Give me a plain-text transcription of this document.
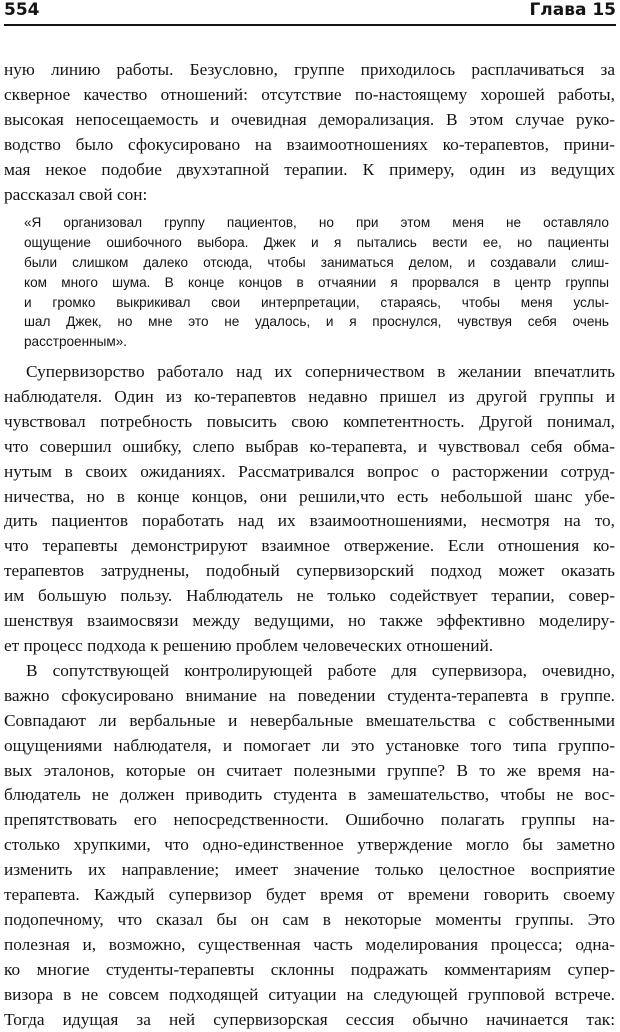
554	Глава 15

ную линию работы. Безусловно, группе приходилось расплачиваться за
скверное качество отношений: отсутствие по-настоящему хорошей работы,
высокая непосещаемость и очевидная деморализация. В этом случае руко-
водство было сфокусировано на взаимоотношениях ко-терапевтов, прини-
мая некое подобие двухэтапной терапии. К примеру, один из ведущих
рассказал свой сон:

«Я организовал группу пациентов, но при этом меня не оставляло
ощущение ошибочного выбора. Джек и я пытались вести ее, но пациенты
были слишком далеко отсюда, чтобы заниматься делом, и создавали слиш-
ком много шума. В конце концов в отчаянии я прорвался в центр группы
и громко выкрикивал свои интерпретации, стараясь, чтобы меня услы-
шал Джек, но мне это не удалось, и я проснулся, чувствуя себя очень
расстроенным».

Супервизорство работало над их соперничеством в желании впечатлить
наблюдателя. Один из ко-терапевтов недавно пришел из другой группы и
чувствовал потребность повысить свою компетентность. Другой понимал,
что совершил ошибку, слепо выбрав ко-терапевта, и чувствовал себя обма-
нутым в своих ожиданиях. Рассматривался вопрос о расторжении сотруд-
ничества, но в конце концов, они решили,что есть небольшой шанс убе-
дить пациентов поработать над их взаимоотношениями, несмотря на то,
что терапевты демонстрируют взаимное отвержение. Если отношения ко-
терапевтов затруднены, подобный супервизорский подход может оказать
им большую пользу. Наблюдатель не только содействует терапии, совер-
шенствуя взаимосвязи между ведущими, но также эффективно моделиру-
ет процесс подхода к решению проблем человеческих отношений.

В сопутствующей контролирующей работе для супервизора, очевидно,
важно сфокусировано внимание на поведении студента-терапевта в группе.
Совпадают ли вербальные и невербальные вмешательства с собственными
ощущениями наблюдателя, и помогает ли это установке того типа группо-
вых эталонов, которые он считает полезными группе? В то же время на-
блюдатель не должен приводить студента в замешательство, чтобы не вос-
препятствовать его непосредственности. Ошибочно полагать группы на-
столько хрупкими, что одно-единственное утверждение могло бы заметно
изменить их направление; имеет значение только целостное восприятие
терапевта. Каждый супервизор будет время от времени говорить своему
подопечному, что сказал бы он сам в некоторые моменты группы. Это
полезная и, возможно, существенная часть моделирования процесса; одна-
ко многие студенты-терапевты склонны подражать комментариям супер-
визора в не совсем подходящей ситуации на следующей групповой встрече.
Тогда идущая за ней супервизорская сессия обычно начинается так:
